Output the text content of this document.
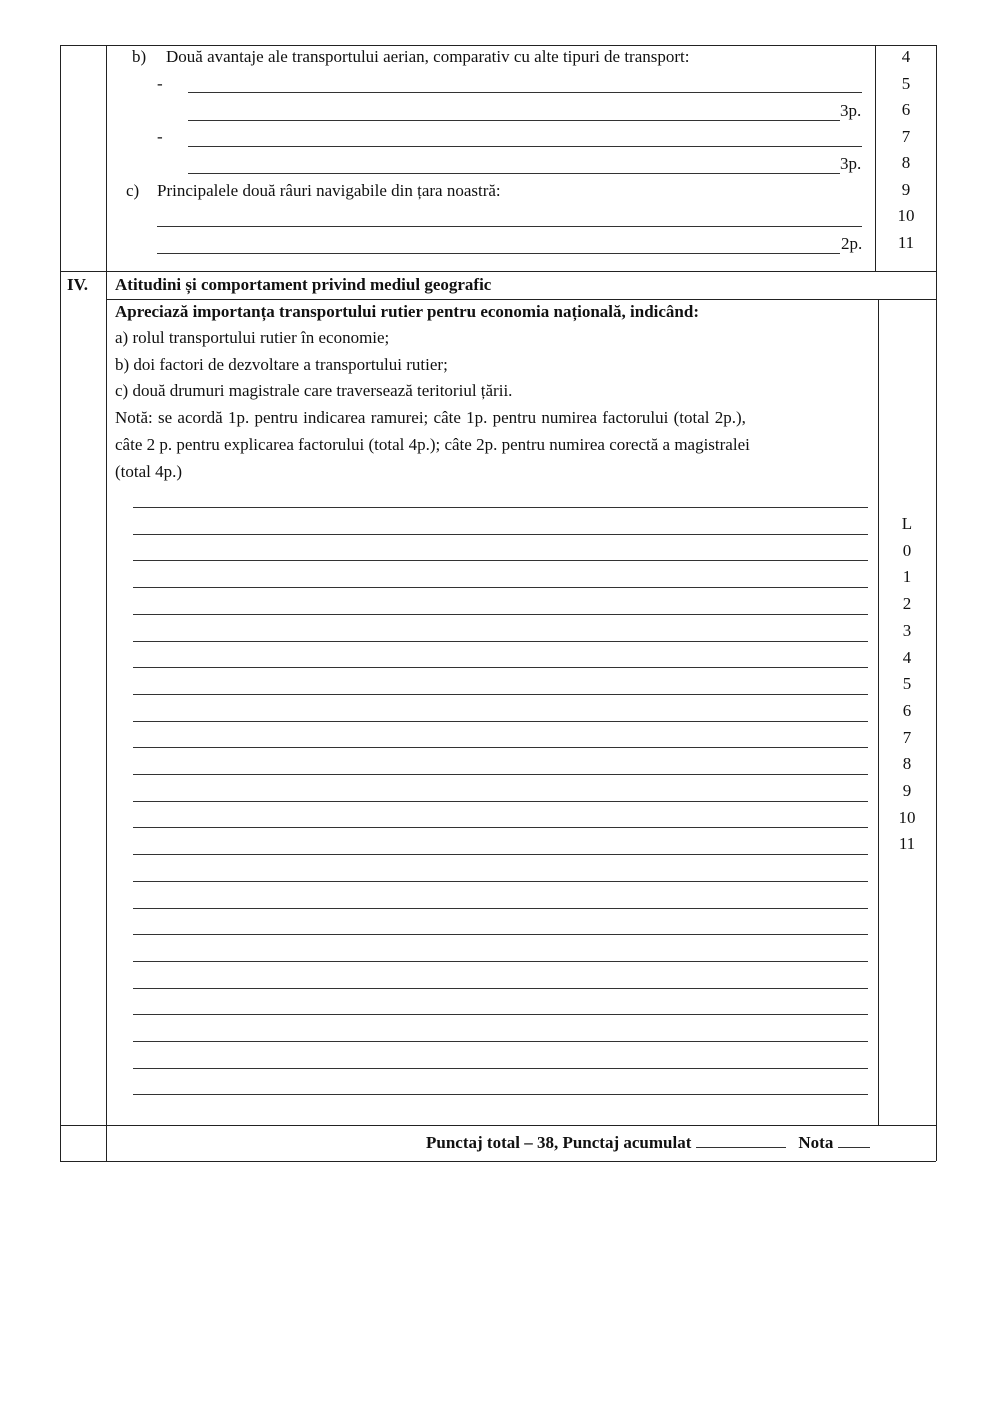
b) Două avantaje ale transportului aerian, comparativ cu alte tipuri de transport:
-
3p.
-
3p.
c) Principalele două râuri navigabile din țara noastră:
2p.
4
5
6
7
8
9
10
11
IV. Atitudini și comportament privind mediul geografic
Apreciază importanța transportului rutier pentru economia națională, indicând:
a) rolul transportului rutier în economie;
b) doi factori de dezvoltare a transportului rutier;
c) două drumuri magistrale care traversează teritoriul țării.
Notă: se acordă 1p. pentru indicarea ramurei; câte 1p. pentru numirea factorului (total 2p.),
câte 2 p. pentru explicarea factorului (total 4p.); câte 2p. pentru numirea corectă a magistralei
(total 4p.)
L
0
1
2
3
4
5
6
7
8
9
10
11
Punctaj total – 38, Punctaj acumulat	Nota
